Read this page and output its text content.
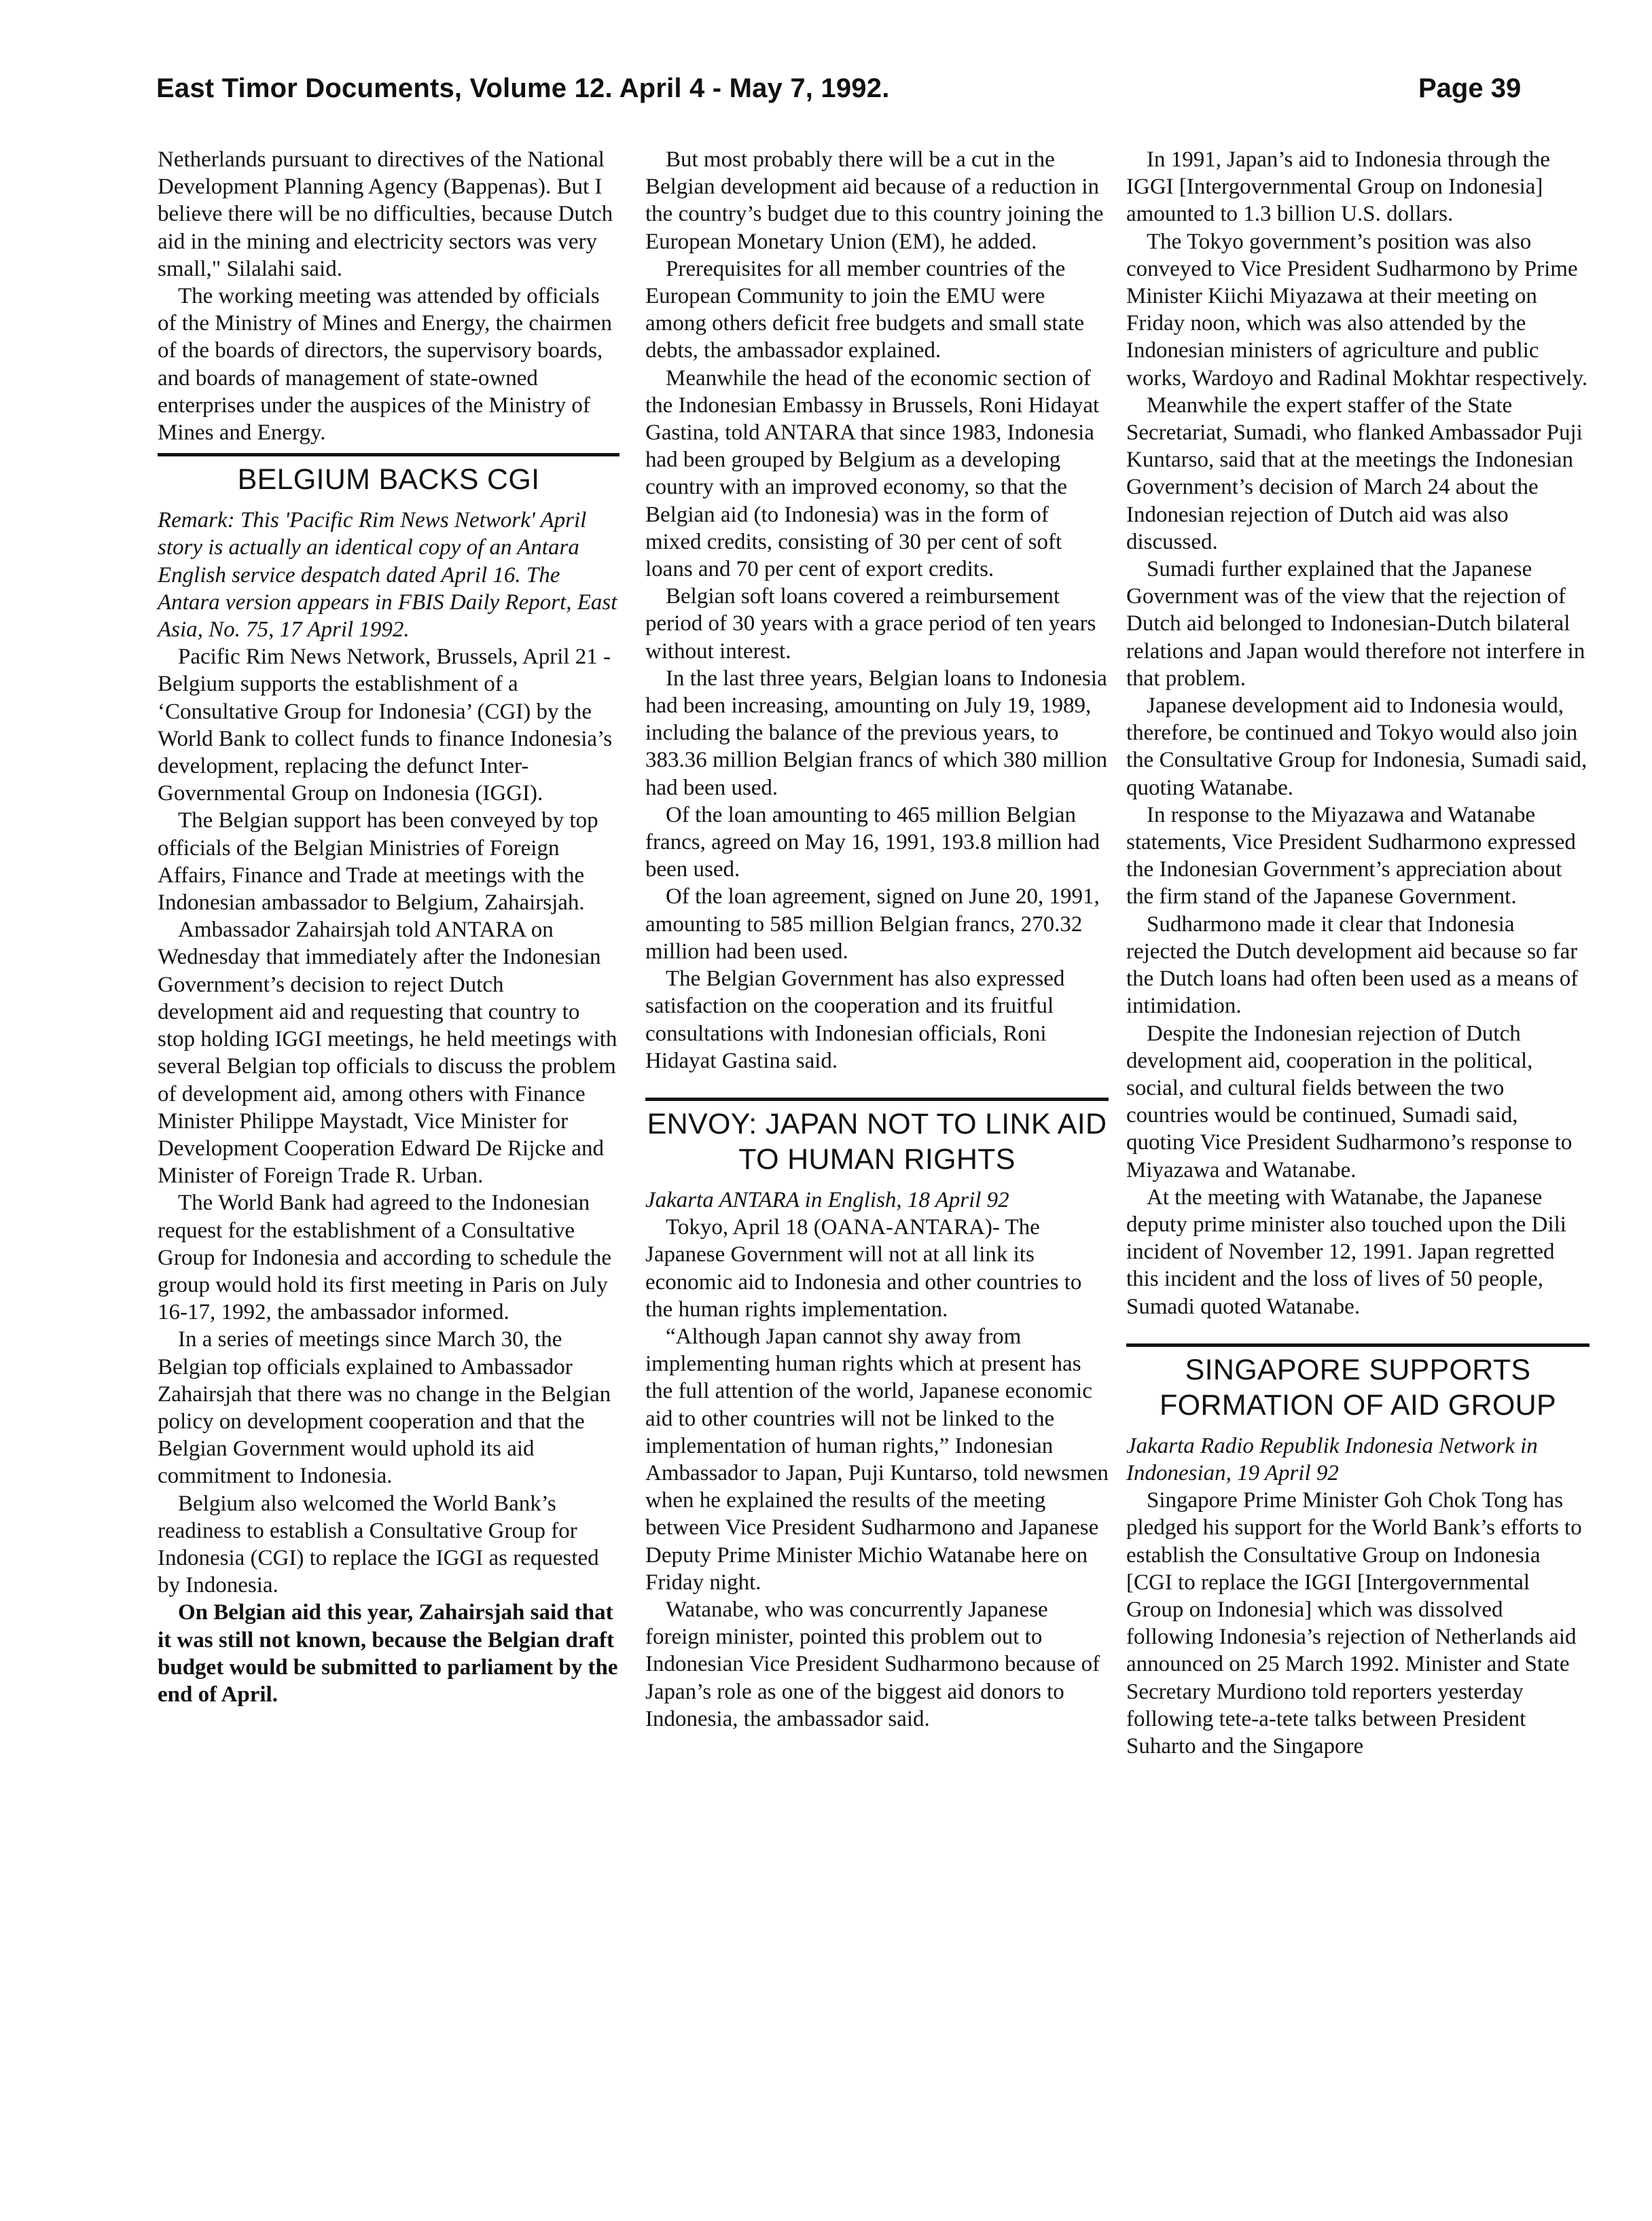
East Timor Documents, Volume 12. April 4 - May 7, 1992.	Page 39

Netherlands pursuant to directives of the National Development Planning Agency (Bappenas). But I believe there will be no difficulties, because Dutch aid in the mining and electricity sectors was very small," Silalahi said.

The working meeting was attended by officials of the Ministry of Mines and Energy, the chairmen of the boards of directors, the supervisory boards, and boards of management of state-owned enterprises under the auspices of the Ministry of Mines and Energy.

BELGIUM BACKS CGI

Remark: This 'Pacific Rim News Network' April story is actually an identical copy of an Antara English service despatch dated April 16. The Antara version appears in FBIS Daily Report, East Asia, No. 75, 17 April 1992.

Pacific Rim News Network, Brussels, April 21 - Belgium supports the establishment of a ‘Consultative Group for Indonesia’ (CGI) by the World Bank to collect funds to finance Indonesia’s development, replacing the defunct Inter-Governmental Group on Indonesia (IGGI).

The Belgian support has been conveyed by top officials of the Belgian Ministries of Foreign Affairs, Finance and Trade at meetings with the Indonesian ambassador to Belgium, Zahairsjah.

Ambassador Zahairsjah told ANTARA on Wednesday that immediately after the Indonesian Government’s decision to reject Dutch development aid and requesting that country to stop holding IGGI meetings, he held meetings with several Belgian top officials to discuss the problem of development aid, among others with Finance Minister Philippe Maystadt, Vice Minister for Development Cooperation Edward De Rijcke and Minister of Foreign Trade R. Urban.

The World Bank had agreed to the Indonesian request for the establishment of a Consultative Group for Indonesia and according to schedule the group would hold its first meeting in Paris on July 16-17, 1992, the ambassador informed.

In a series of meetings since March 30, the Belgian top officials explained to Ambassador Zahairsjah that there was no change in the Belgian policy on development cooperation and that the Belgian Government would uphold its aid commitment to Indonesia.

Belgium also welcomed the World Bank’s readiness to establish a Consultative Group for Indonesia (CGI) to replace the IGGI as requested by Indonesia.

On Belgian aid this year, Zahairsjah said that it was still not known, because the Belgian draft budget would be submitted to parliament by the end of April.

But most probably there will be a cut in the Belgian development aid because of a reduction in the country’s budget due to this country joining the European Monetary Union (EM), he added.

Prerequisites for all member countries of the European Community to join the EMU were among others deficit free budgets and small state debts, the ambassador explained.

Meanwhile the head of the economic section of the Indonesian Embassy in Brussels, Roni Hidayat Gastina, told ANTARA that since 1983, Indonesia had been grouped by Belgium as a developing country with an improved economy, so that the Belgian aid (to Indonesia) was in the form of mixed credits, consisting of 30 per cent of soft loans and 70 per cent of export credits.

Belgian soft loans covered a reimbursement period of 30 years with a grace period of ten years without interest.

In the last three years, Belgian loans to Indonesia had been increasing, amounting on July 19, 1989, including the balance of the previous years, to 383.36 million Belgian francs of which 380 million had been used.

Of the loan amounting to 465 million Belgian francs, agreed on May 16, 1991, 193.8 million had been used.

Of the loan agreement, signed on June 20, 1991, amounting to 585 million Belgian francs, 270.32 million had been used.

The Belgian Government has also expressed satisfaction on the cooperation and its fruitful consultations with Indonesian officials, Roni Hidayat Gastina said.

ENVOY: JAPAN NOT TO LINK AID TO HUMAN RIGHTS

Jakarta ANTARA in English, 18 April 92

Tokyo, April 18 (OANA-ANTARA)- The Japanese Government will not at all link its economic aid to Indonesia and other countries to the human rights implementation.

“Although Japan cannot shy away from implementing human rights which at present has the full attention of the world, Japanese economic aid to other countries will not be linked to the implementation of human rights,” Indonesian Ambassador to Japan, Puji Kuntarso, told newsmen when he explained the results of the meeting between Vice President Sudharmono and Japanese Deputy Prime Minister Michio Watanabe here on Friday night.

Watanabe, who was concurrently Japanese foreign minister, pointed this problem out to Indonesian Vice President Sudharmono because of Japan’s role as one of the biggest aid donors to Indonesia, the ambassador said.

In 1991, Japan’s aid to Indonesia through the IGGI [Intergovernmental Group on Indonesia] amounted to 1.3 billion U.S. dollars.

The Tokyo government’s position was also conveyed to Vice President Sudharmono by Prime Minister Kiichi Miyazawa at their meeting on Friday noon, which was also attended by the Indonesian ministers of agriculture and public works, Wardoyo and Radinal Mokhtar respectively.

Meanwhile the expert staffer of the State Secretariat, Sumadi, who flanked Ambassador Puji Kuntarso, said that at the meetings the Indonesian Government’s decision of March 24 about the Indonesian rejection of Dutch aid was also discussed.

Sumadi further explained that the Japanese Government was of the view that the rejection of Dutch aid belonged to Indonesian-Dutch bilateral relations and Japan would therefore not interfere in that problem.

Japanese development aid to Indonesia would, therefore, be continued and Tokyo would also join the Consultative Group for Indonesia, Sumadi said, quoting Watanabe.

In response to the Miyazawa and Watanabe statements, Vice President Sudharmono expressed the Indonesian Government’s appreciation about the firm stand of the Japanese Government.

Sudharmono made it clear that Indonesia rejected the Dutch development aid because so far the Dutch loans had often been used as a means of intimidation.

Despite the Indonesian rejection of Dutch development aid, cooperation in the political, social, and cultural fields between the two countries would be continued, Sumadi said, quoting Vice President Sudharmono’s response to Miyazawa and Watanabe.

At the meeting with Watanabe, the Japanese deputy prime minister also touched upon the Dili incident of November 12, 1991. Japan regretted this incident and the loss of lives of 50 people, Sumadi quoted Watanabe.

SINGAPORE SUPPORTS FORMATION OF AID GROUP

Jakarta Radio Republik Indonesia Network in Indonesian, 19 April 92

Singapore Prime Minister Goh Chok Tong has pledged his support for the World Bank’s efforts to establish the Consultative Group on Indonesia [CGI to replace the IGGI [Intergovernmental Group on Indonesia] which was dissolved following Indonesia’s rejection of Netherlands aid announced on 25 March 1992. Minister and State Secretary Murdiono told reporters yesterday following tete-a-tete talks between President Suharto and the Singapore
